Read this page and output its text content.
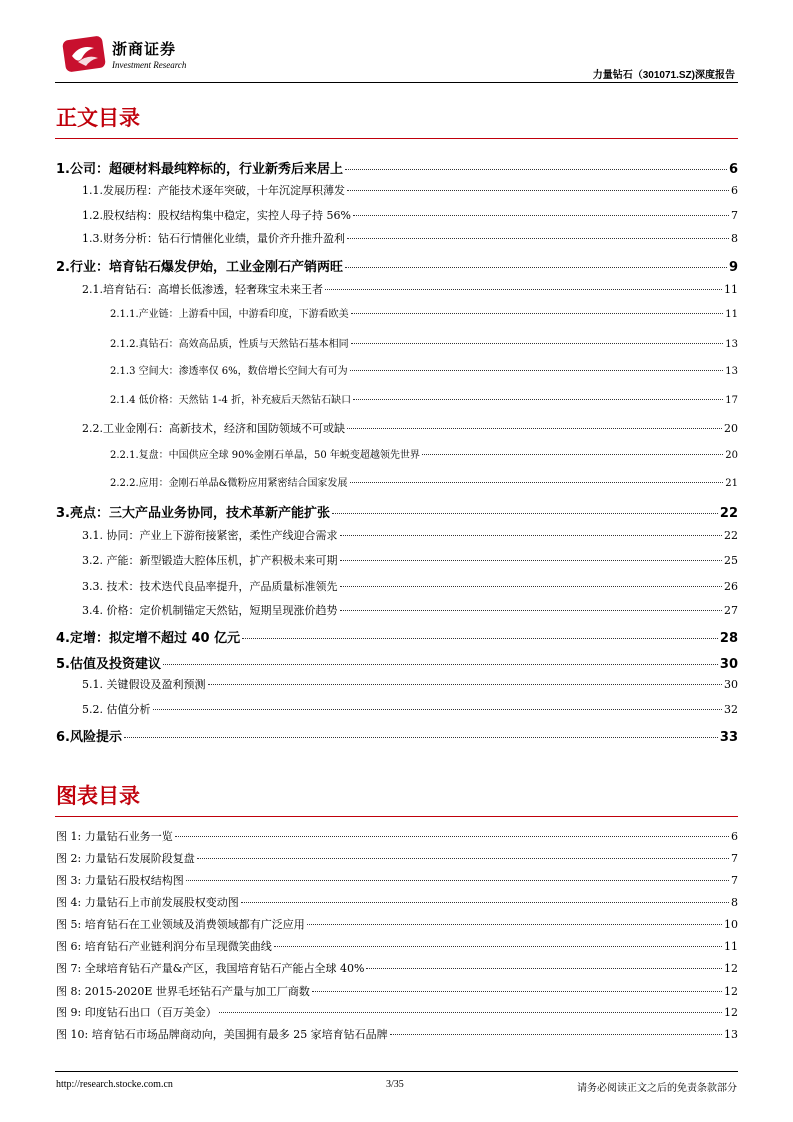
浙商证券
Investment Research
力量钻石（301071.SZ)深度报告
正文目录
1.公司：超硬材料最纯粹标的，行业新秀后来居上	6
1.1.发展历程：产能技术逐年突破，十年沉淀厚积薄发	6
1.2.股权结构：股权结构集中稳定，实控人母子持 56%	7
1.3.财务分析：钻石行情催化业绩，量价齐升推升盈利	8
2.行业：培育钻石爆发伊始，工业金刚石产销两旺	9
2.1.培育钻石：高增长低渗透，轻奢珠宝未来王者	11
2.1.1.产业链：上游看中国，中游看印度，下游看欧美	11
2.1.2.真钻石：高效高品质，性质与天然钻石基本相同	13
2.1.3 空间大：渗透率仅 6%，数倍增长空间大有可为	13
2.1.4 低价格：天然钻 1-4 折，补充疲后天然钻石缺口	17
2.2.工业金刚石：高新技术，经济和国防领域不可或缺	20
2.2.1.复盘：中国供应全球 90%金刚石单晶，50 年蜕变超越领先世界	20
2.2.2.应用：金刚石单晶&微粉应用紧密结合国家发展	21
3.亮点：三大产品业务协同，技术革新产能扩张	22
3.1. 协同：产业上下游衔接紧密，柔性产线迎合需求	22
3.2. 产能：新型锻造大腔体压机，扩产积极未来可期	25
3.3. 技术：技术迭代良品率提升，产品质量标准领先	26
3.4. 价格：定价机制锚定天然钻，短期呈现涨价趋势	27
4.定增：拟定增不超过 40 亿元	28
5.估值及投资建议	30
5.1. 关键假设及盈利预测	30
5.2. 估值分析	32
6.风险提示	33
图表目录
图 1: 力量钻石业务一览	6
图 2: 力量钻石发展阶段复盘	7
图 3: 力量钻石股权结构图	7
图 4: 力量钻石上市前发展股权变动图	8
图 5: 培育钻石在工业领域及消费领域都有广泛应用	10
图 6: 培育钻石产业链利润分布呈现微笑曲线	11
图 7: 全球培育钻石产量&产区，我国培育钻石产能占全球 40%	12
图 8: 2015-2020E 世界毛坯钻石产量与加工厂商数	12
图 9: 印度钻石出口（百万美金）	12
图 10: 培育钻石市场品牌商动向，美国拥有最多 25 家培育钻石品牌	13
http://research.stocke.com.cn	3/35	请务必阅读正文之后的免责条款部分
